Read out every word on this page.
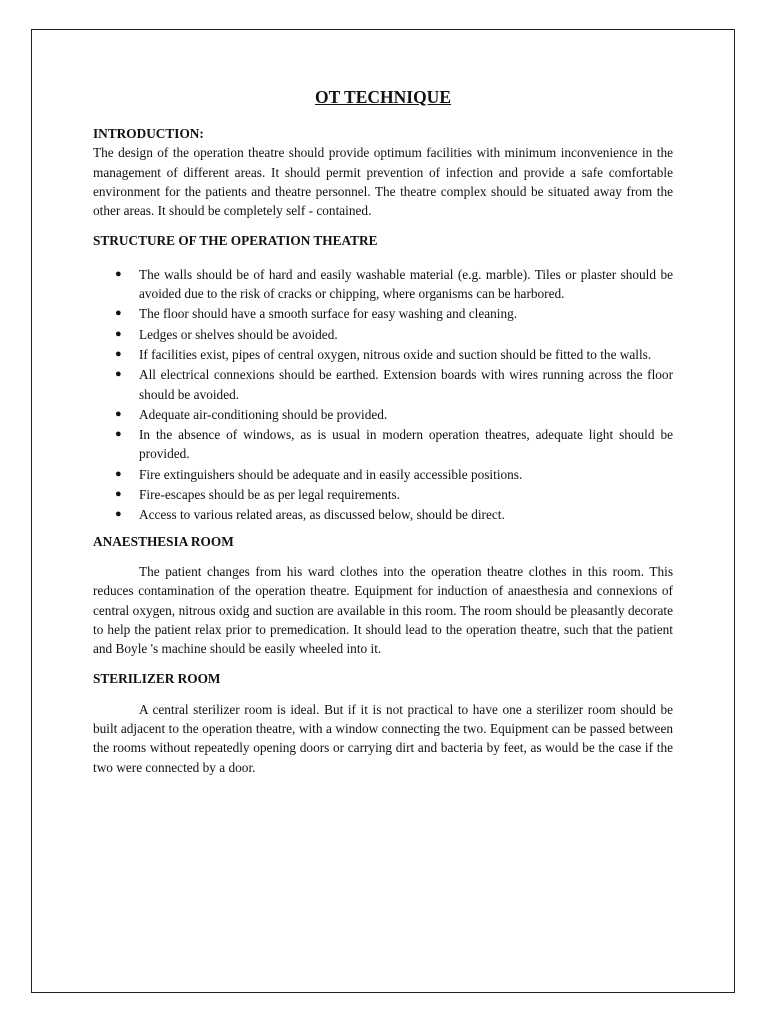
OT TECHNIQUE
INTRODUCTION:

The design of the operation theatre should provide optimum facilities with minimum inconvenience in the management of different areas. It should permit prevention of infection and provide a safe comfortable environment for the patients and theatre personnel. The theatre complex should be situated away from the other areas. It should be completely self - contained.

STRUCTURE OF THE OPERATION THEATRE
● The walls should be of hard and easily washable material (e.g. marble). Tiles or plaster should be avoided due to the risk of cracks or chipping, where organisms can be harbored.
● The floor should have a smooth surface for easy washing and cleaning.
● Ledges or shelves should be avoided.
● If facilities exist, pipes of central oxygen, nitrous oxide and suction should be fitted to the walls.
● All electrical connexions should be earthed. Extension boards with wires running across the floor should be avoided.
● Adequate air-conditioning should be provided.
● In the absence of windows, as is usual in modern operation theatres, adequate light should be provided.
● Fire extinguishers should be adequate and in easily accessible positions.
● Fire-escapes should be as per legal requirements.
● Access to various related areas, as discussed below, should be direct.
ANAESTHESIA ROOM

The patient changes from his ward clothes into the operation theatre clothes in this room. This reduces contamination of the operation theatre. Equipment for induction of anaesthesia and connexions of central oxygen, nitrous oxidg and suction are available in this room. The room should be pleasantly decorate to help the patient relax prior to premedication. It should lead to the operation theatre, such that the patient and Boyle 's machine should be easily wheeled into it.

STERILIZER ROOM

A central sterilizer room is ideal. But if it is not practical to have one a sterilizer room should be built adjacent to the operation theatre, with a window connecting the two. Equipment can be passed between the rooms without repeatedly opening doors or carrying dirt and bacteria by feet, as would be the case if the two were connected by a door.
